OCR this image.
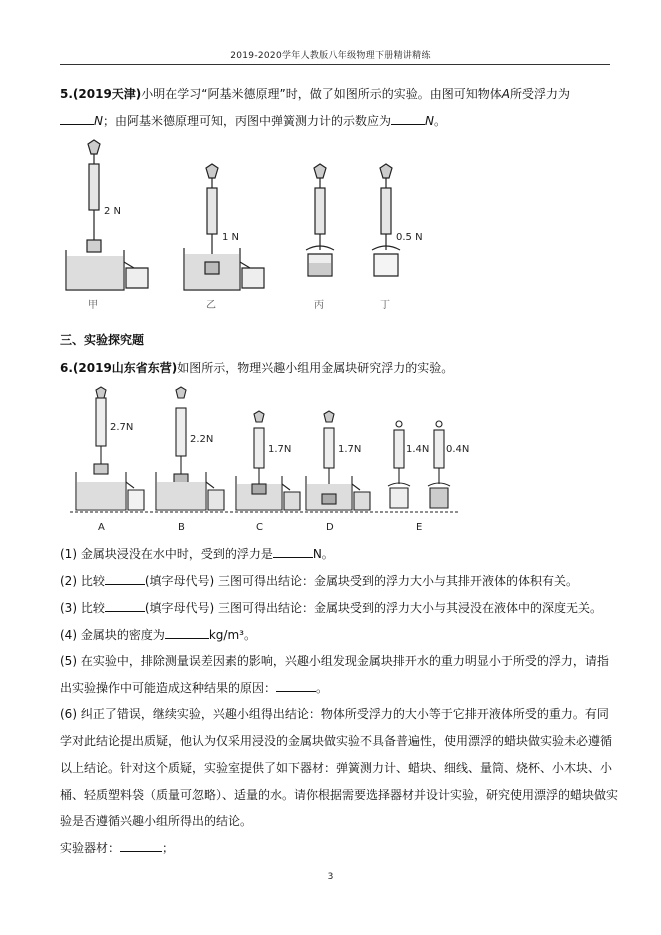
2019-2020学年人教版八年级物理下册精讲精练
5.(2019天津)小明在学习“阿基米德原理”时，做了如图所示的实验。由图可知物体A所受浮力为
N；由阿基米德原理可知，丙图中弹簧测力计的示数应为	N。
2 N
1 N	0.5 N
甲	乙	丙	丁
三、实验探究题
6.(2019山东省东营)如图所示，物理兴趣小组用金属块研究浮力的实验。
2.7N
2.2N
1.7N	1.7N	1.4N 0.4N
A	B	C	D	E
(1) 金属块浸没在水中时，受到的浮力是	N。
(2) 比较	(填字母代号) 三图可得出结论：金属块受到的浮力大小与其排开液体的体积有关。
(3) 比较	(填字母代号) 三图可得出结论：金属块受到的浮力大小与其浸没在液体中的深度无关。
(4) 金属块的密度为	kg/m³。
(5) 在实验中，排除测量误差因素的影响，兴趣小组发现金属块排开水的重力明显小于所受的浮力，请指
出实验操作中可能造成这种结果的原因：	。
(6) 纠正了错误，继续实验，兴趣小组得出结论：物体所受浮力的大小等于它排开液体所受的重力。有同
学对此结论提出质疑，他认为仅采用浸没的金属块做实验不具备普遍性，使用漂浮的蜡块做实验未必遵循
以上结论。针对这个质疑，实验室提供了如下器材：弹簧测力计、蜡块、细线、量筒、烧杯、小木块、小
桶、轻质塑料袋（质量可忽略）、适量的水。请你根据需要选择器材并设计实验，研究使用漂浮的蜡块做实
验是否遵循兴趣小组所得出的结论。
实验器材：	；
3
